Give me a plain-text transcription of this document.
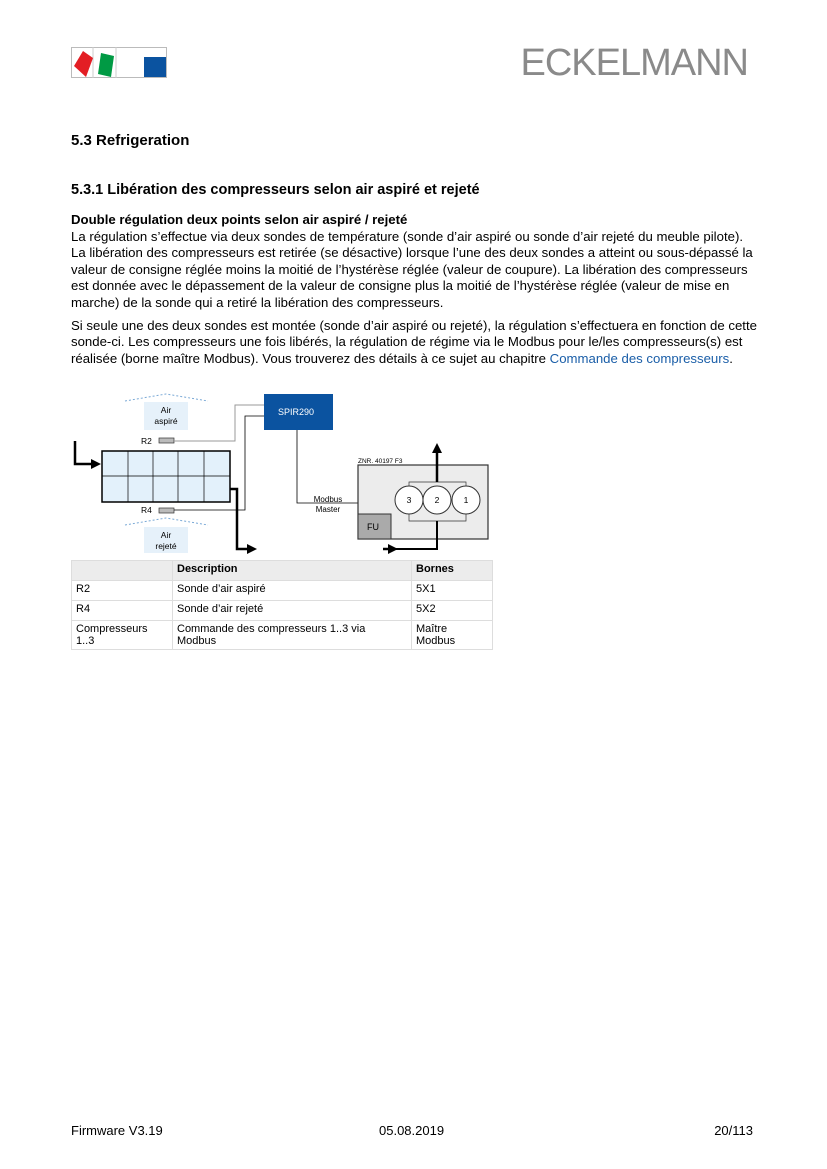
ECKELMANN
5.3 Refrigeration
5.3.1 Libération des compresseurs selon air aspiré et rejeté

Double régulation deux points selon air aspiré / rejeté
La régulation s’effectue via deux sondes de température (sonde d’air aspiré ou sonde d’air rejeté du meuble pilote). La libération des compresseurs est retirée (se désactive) lorsque l’une des deux sondes a atteint ou sous-dépassé la valeur de consigne réglée moins la moitié de l’hystérèse réglée (valeur de coupure). La libération des compresseurs est donnée avec le dépassement de la valeur de consigne plus la moitié de l’hystérèse réglée (valeur de mise en marche) de la sonde qui a retiré la libération des compresseurs.

Si seule une des deux sondes est montée (sonde d’air aspiré ou rejeté), la régulation s’effectuera en fonction de cette sonde-ci. Les compresseurs une fois libérés, la régulation de régime via le Modbus pour le/les compresseurs(s) est réalisée (borne maître Modbus). Vous trouverez des détails à ce sujet au chapitre Commande des compresseurs.

Air
aspiré
Air
rejeté
SPIR290
R2
R4
Modbus
Master
ZNR. 40197 F3
FU
3	2	1
	Description	Bornes
R2	Sonde d’air aspiré	5X1
R4	Sonde d’air rejeté	5X2
Compresseurs 1..3	Commande des compresseurs 1..3 via Modbus	Maître Modbus
Firmware V3.19	05.08.2019	20/113
